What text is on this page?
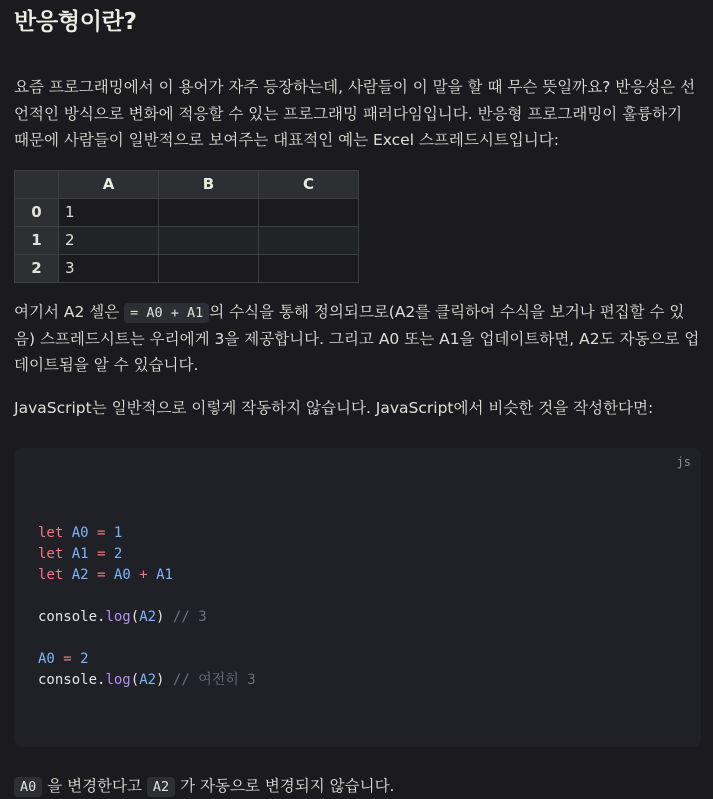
반응형이란?

요즘 프로그래밍에서 이 용어가 자주 등장하는데, 사람들이 이 말을 할 때 무슨 뜻일까요? 반응성은 선언적인 방식으로 변화에 적응할 수 있는 프로그래밍 패러다임입니다. 반응형 프로그래밍이 훌륭하기 때문에 사람들이 일반적으로 보여주는 대표적인 예는 Excel 스프레드시트입니다:

	A	B	C
0	1		
1	2		
2	3		

여기서 A2 셀은 = A0 + A1 의 수식을 통해 정의되므로(A2를 클릭하여 수식을 보거나 편집할 수 있음) 스프레드시트는 우리에게 3을 제공합니다. 그리고 A0 또는 A1을 업데이트하면, A2도 자동으로 업데이트됨을 알 수 있습니다.

JavaScript는 일반적으로 이렇게 작동하지 않습니다. JavaScript에서 비슷한 것을 작성한다면:

js

let A0 = 1
let A1 = 2
let A2 = A0 + A1
console.log(A2) // 3
A0 = 2
console.log(A2) // 여전히 3

A0 을 변경한다고 A2 가 자동으로 변경되지 않습니다.
